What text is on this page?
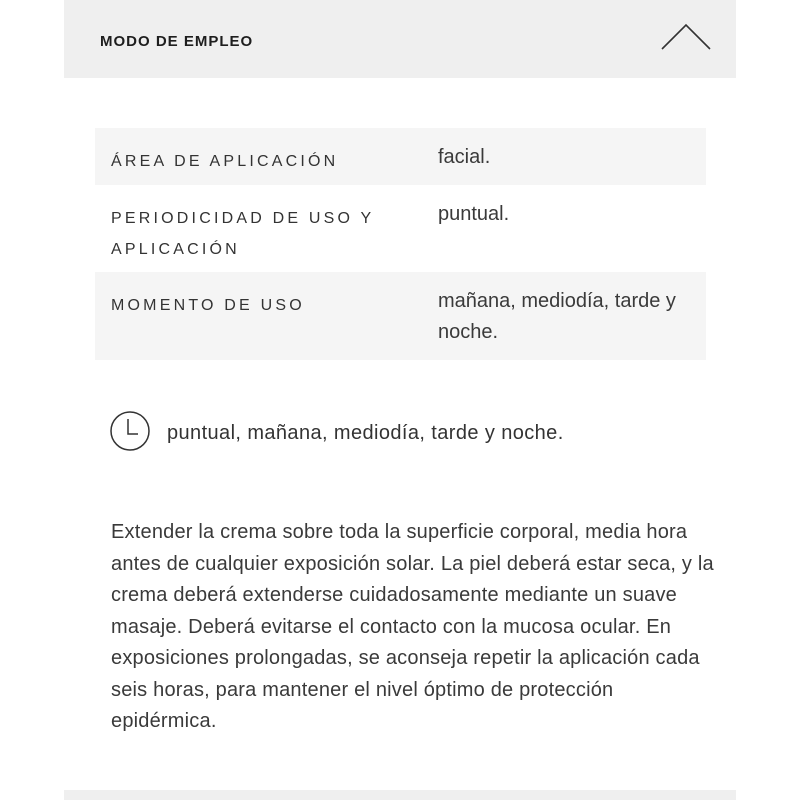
MODO DE EMPLEO
ÁREA DE APLICACIÓN	facial.
PERIODICIDAD DE USO Y APLICACIÓN
puntual.
MOMENTO DE USO	mañana, mediodía, tarde y noche.
puntual, mañana, mediodía, tarde y noche.

Extender la crema sobre toda la superficie corporal, media hora antes de cualquier exposición solar. La piel deberá estar seca, y la crema deberá extenderse cuidadosamente mediante un suave masaje. Deberá evitarse el contacto con la mucosa ocular. En exposiciones prolongadas, se aconseja repetir la aplicación cada seis horas, para mantener el nivel óptimo de protección epidérmica.
